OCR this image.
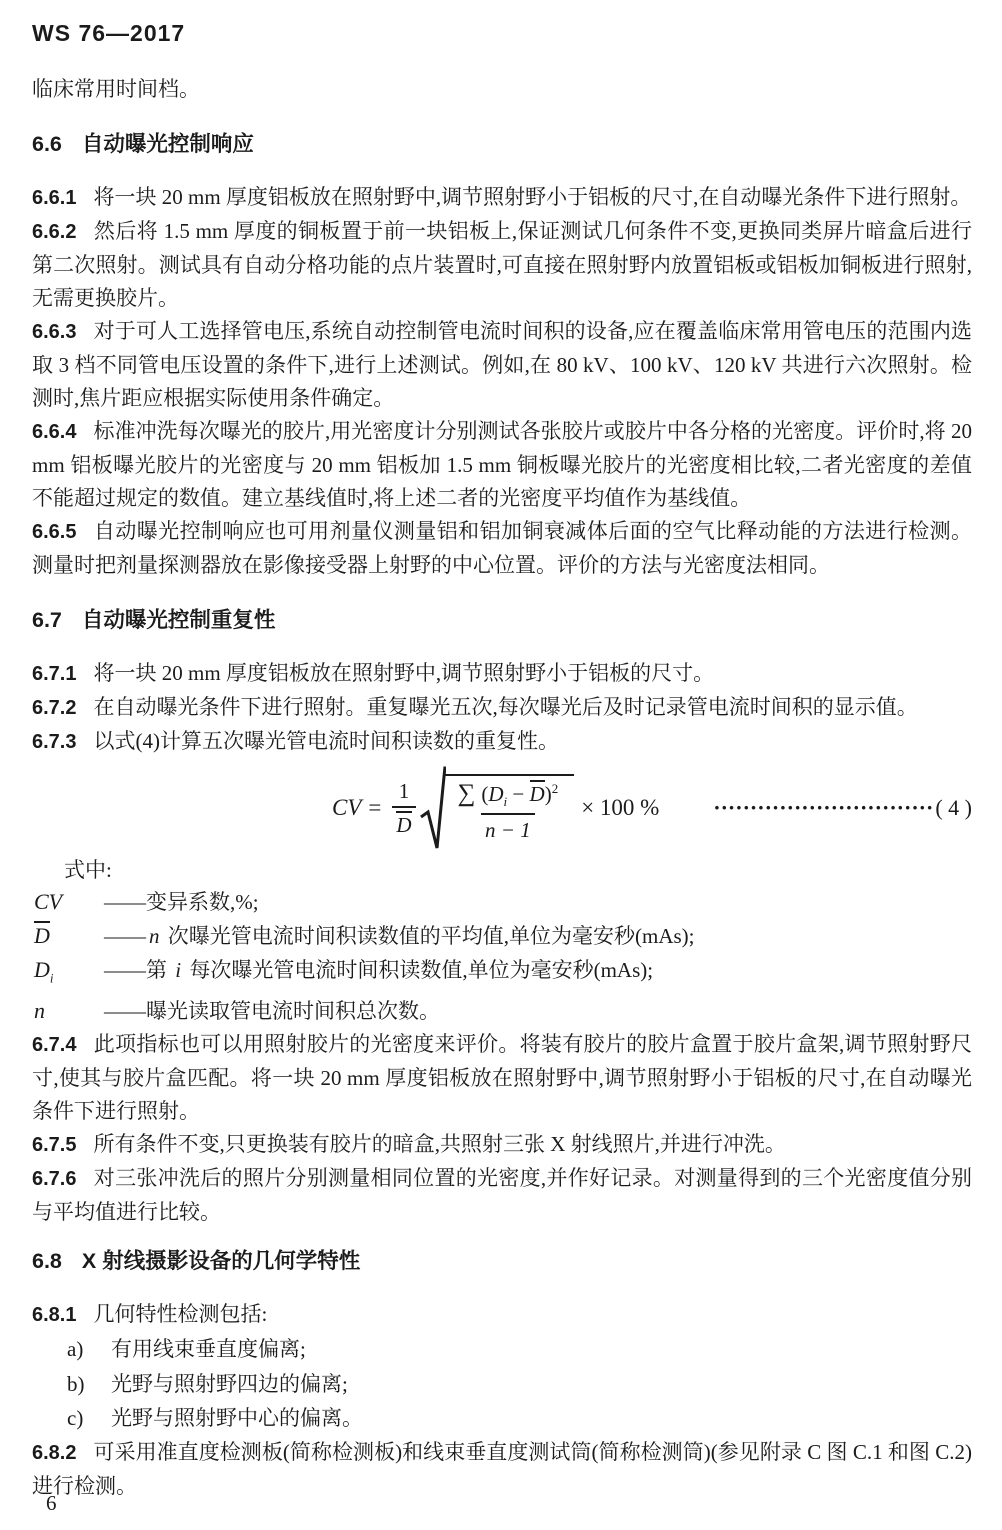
WS 76—2017

临床常用时间档。

6.6 自动曝光控制响应

6.6.1 将一块 20 mm 厚度铝板放在照射野中,调节照射野小于铝板的尺寸,在自动曝光条件下进行照射。

6.6.2 然后将 1.5 mm 厚度的铜板置于前一块铝板上,保证测试几何条件不变,更换同类屏片暗盒后进行第二次照射。测试具有自动分格功能的点片装置时,可直接在照射野内放置铝板或铝板加铜板进行照射,无需更换胶片。

6.6.3 对于可人工选择管电压,系统自动控制管电流时间积的设备,应在覆盖临床常用管电压的范围内选取 3 档不同管电压设置的条件下,进行上述测试。例如,在 80 kV、100 kV、120 kV 共进行六次照射。检测时,焦片距应根据实际使用条件确定。

6.6.4 标准冲洗每次曝光的胶片,用光密度计分别测试各张胶片或胶片中各分格的光密度。评价时,将 20 mm 铝板曝光胶片的光密度与 20 mm 铝板加 1.5 mm 铜板曝光胶片的光密度相比较,二者光密度的差值不能超过规定的数值。建立基线值时,将上述二者的光密度平均值作为基线值。

6.6.5 自动曝光控制响应也可用剂量仪测量铝和铝加铜衰减体后面的空气比释动能的方法进行检测。测量时把剂量探测器放在影像接受器上射野的中心位置。评价的方法与光密度法相同。

6.7 自动曝光控制重复性

6.7.1 将一块 20 mm 厚度铝板放在照射野中,调节照射野小于铝板的尺寸。

6.7.2 在自动曝光条件下进行照射。重复曝光五次,每次曝光后及时记录管电流时间积的显示值。

6.7.3 以式(4)计算五次曝光管电流时间积读数的重复性。

CV = $\frac{1}{D} \frac{\sum (D_i - D)^2}{n - 1} \times 100$ %	······························ ( 4 )

式中:

CV	—— 变异系数,%;
D	—— n 次曝光管电流时间积读数值的平均值,单位为毫安秒(mAs);
$D_i$	—— 第 i 每次曝光管电流时间积读数值,单位为毫安秒(mAs);
n	—— 曝光读取管电流时间积总次数。

6.7.4 此项指标也可以用照射胶片的光密度来评价。将装有胶片的胶片盒置于胶片盒架,调节照射野尺寸,使其与胶片盒匹配。将一块 20 mm 厚度铝板放在照射野中,调节照射野小于铝板的尺寸,在自动曝光条件下进行照射。

6.7.5 所有条件不变,只更换装有胶片的暗盒,共照射三张 X 射线照片,并进行冲洗。

6.7.6 对三张冲洗后的照片分别测量相同位置的光密度,并作好记录。对测量得到的三个光密度值分别与平均值进行比较。

6.8 X 射线摄影设备的几何学特性

6.8.1 几何特性检测包括:

a)	有用线束垂直度偏离;
b)	光野与照射野四边的偏离;
c)	光野与照射野中心的偏离。

6.8.2 可采用准直度检测板(简称检测板)和线束垂直度测试筒(简称检测筒)(参见附录 C 图 C.1 和图 C.2)进行检测。

6
